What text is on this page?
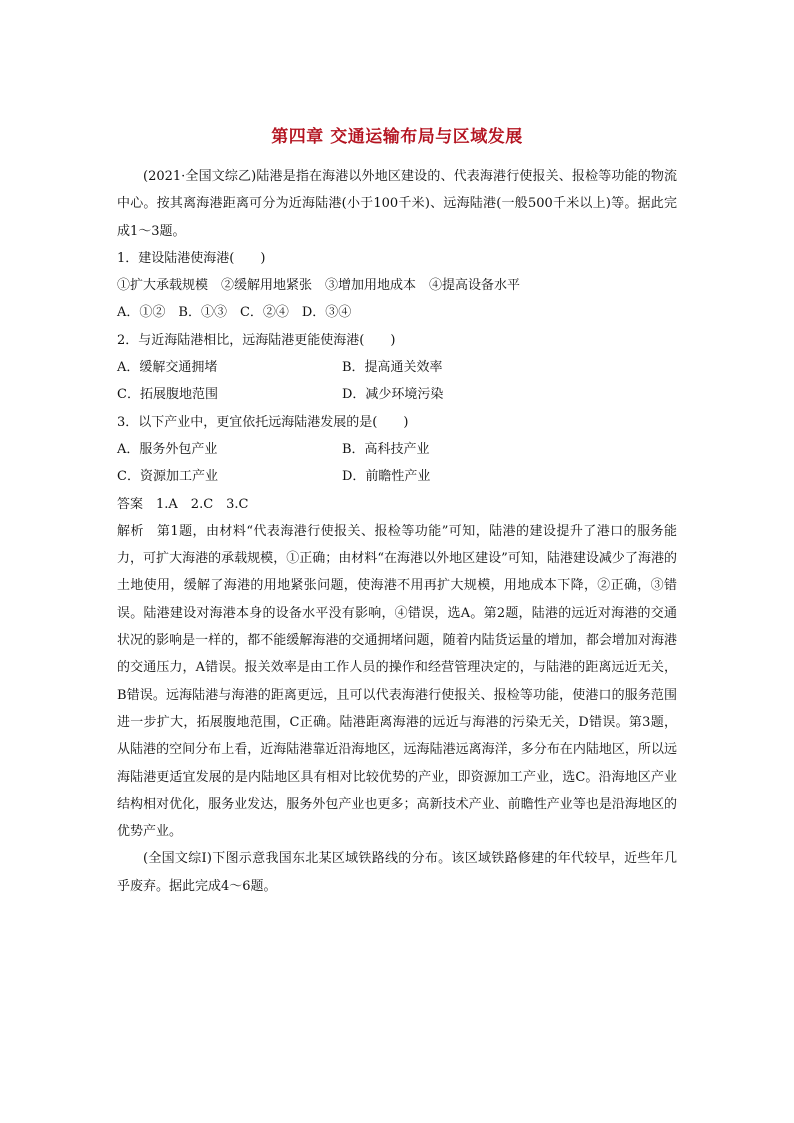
第四章 交通运输布局与区域发展

(2021·全国文综乙)陆港是指在海港以外地区建设的、代表海港行使报关、报检等功能的物流中心。按其离海港距离可分为近海陆港(小于100千米)、远海陆港(一般500千米以上)等。据此完成1～3题。

1．建设陆港使海港(　　)

①扩大承载规模　②缓解用地紧张　③增加用地成本　④提高设备水平

A．①②　B．①③　C．②④　D．③④

2．与近海陆港相比，远海陆港更能使海港(　　)

A．缓解交通拥堵	B．提高通关效率
C．拓展腹地范围	D．减少环境污染

3．以下产业中，更宜依托远海陆港发展的是(　　)

A．服务外包产业	B．高科技产业
C．资源加工产业	D．前瞻性产业

答案 1.A　2.C　3.C

解析 第1题，由材料“代表海港行使报关、报检等功能”可知，陆港的建设提升了港口的服务能力，可扩大海港的承载规模，①正确；由材料“在海港以外地区建设”可知，陆港建设减少了海港的土地使用，缓解了海港的用地紧张问题，使海港不用再扩大规模，用地成本下降，②正确，③错误。陆港建设对海港本身的设备水平没有影响，④错误，选A。第2题，陆港的远近对海港的交通状况的影响是一样的，都不能缓解海港的交通拥堵问题，随着内陆货运量的增加，都会增加对海港的交通压力，A错误。报关效率是由工作人员的操作和经营管理决定的，与陆港的距离远近无关，B错误。远海陆港与海港的距离更远，且可以代表海港行使报关、报检等功能，使港口的服务范围进一步扩大，拓展腹地范围，C正确。陆港距离海港的远近与海港的污染无关，D错误。第3题，从陆港的空间分布上看，近海陆港靠近沿海地区，远海陆港远离海洋，多分布在内陆地区，所以远海陆港更适宜发展的是内陆地区具有相对比较优势的产业，即资源加工产业，选C。沿海地区产业结构相对优化，服务业发达，服务外包产业也更多；高新技术产业、前瞻性产业等也是沿海地区的优势产业。

(全国文综Ⅰ)下图示意我国东北某区域铁路线的分布。该区域铁路修建的年代较早，近些年几乎废弃。据此完成4～6题。
